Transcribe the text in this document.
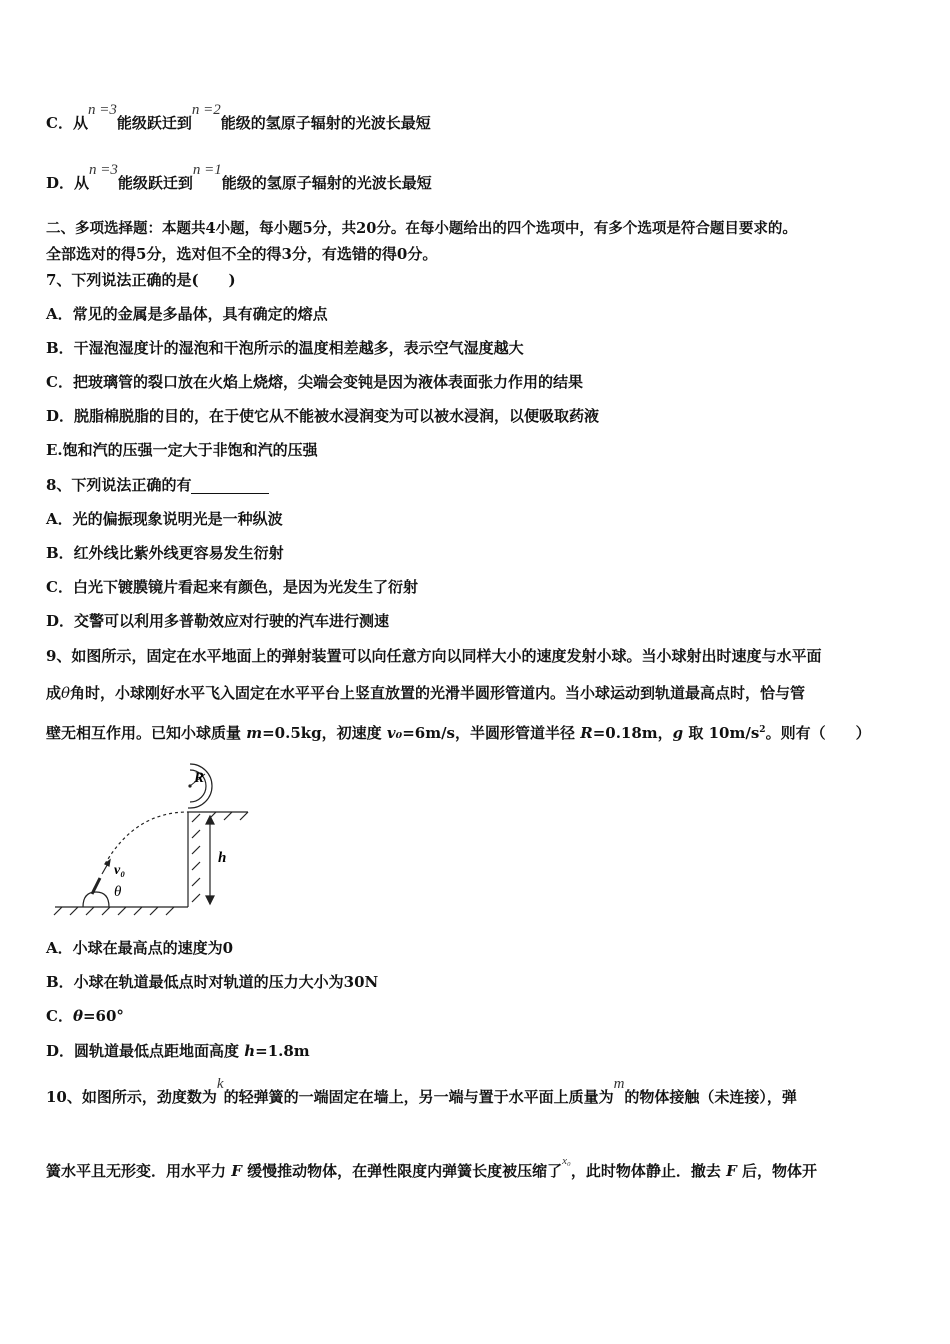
C．从n =3能级跃迁到n =2能级的氢原子辐射的光波长最短
D．从n =3能级跃迁到n =1能级的氢原子辐射的光波长最短
二、多项选择题：本题共4小题，每小题5分，共20分。在每小题给出的四个选项中，有多个选项是符合题目要求的。
全部选对的得5分，选对但不全的得3分，有选错的得0分。
7、下列说法正确的是(　　)
A．常见的金属是多晶体，具有确定的熔点
B．干湿泡湿度计的湿泡和干泡所示的温度相差越多，表示空气湿度越大
C．把玻璃管的裂口放在火焰上烧熔，尖端会变钝是因为液体表面张力作用的结果
D．脱脂棉脱脂的目的，在于使它从不能被水浸润变为可以被水浸润，以便吸取药液
E.饱和汽的压强一定大于非饱和汽的压强
8、下列说法正确的有
A．光的偏振现象说明光是一种纵波
B．红外线比紫外线更容易发生衍射
C．白光下镀膜镜片看起来有颜色，是因为光发生了衍射
D．交警可以利用多普勒效应对行驶的汽车进行测速
9、如图所示，固定在水平地面上的弹射装置可以向任意方向以同样大小的速度发射小球。当小球射出时速度与水平面
成θ角时，小球刚好水平飞入固定在水平平台上竖直放置的光滑半圆形管道内。当小球运动到轨道最高点时，恰与管
壁无相互作用。已知小球质量 m=0.5kg，初速度 v₀=6m/s，半圆形管道半径 R=0.18m，g 取 $10m/s^2$。则有（　　）
R
h
v₀
θ
A．小球在最高点的速度为0
B．小球在轨道最低点时对轨道的压力大小为30N
C．θ=60°
D．圆轨道最低点距地面高度 h=1.8m
10、如图所示，劲度数为k的轻弹簧的一端固定在墙上，另一端与置于水平面上质量为m的物体接触（未连接），弹
簧水平且无形变．用水平力 F 缓慢推动物体，在弹性限度内弹簧长度被压缩了$^{x_0}$，此时物体静止．撤去 F 后，物体开
